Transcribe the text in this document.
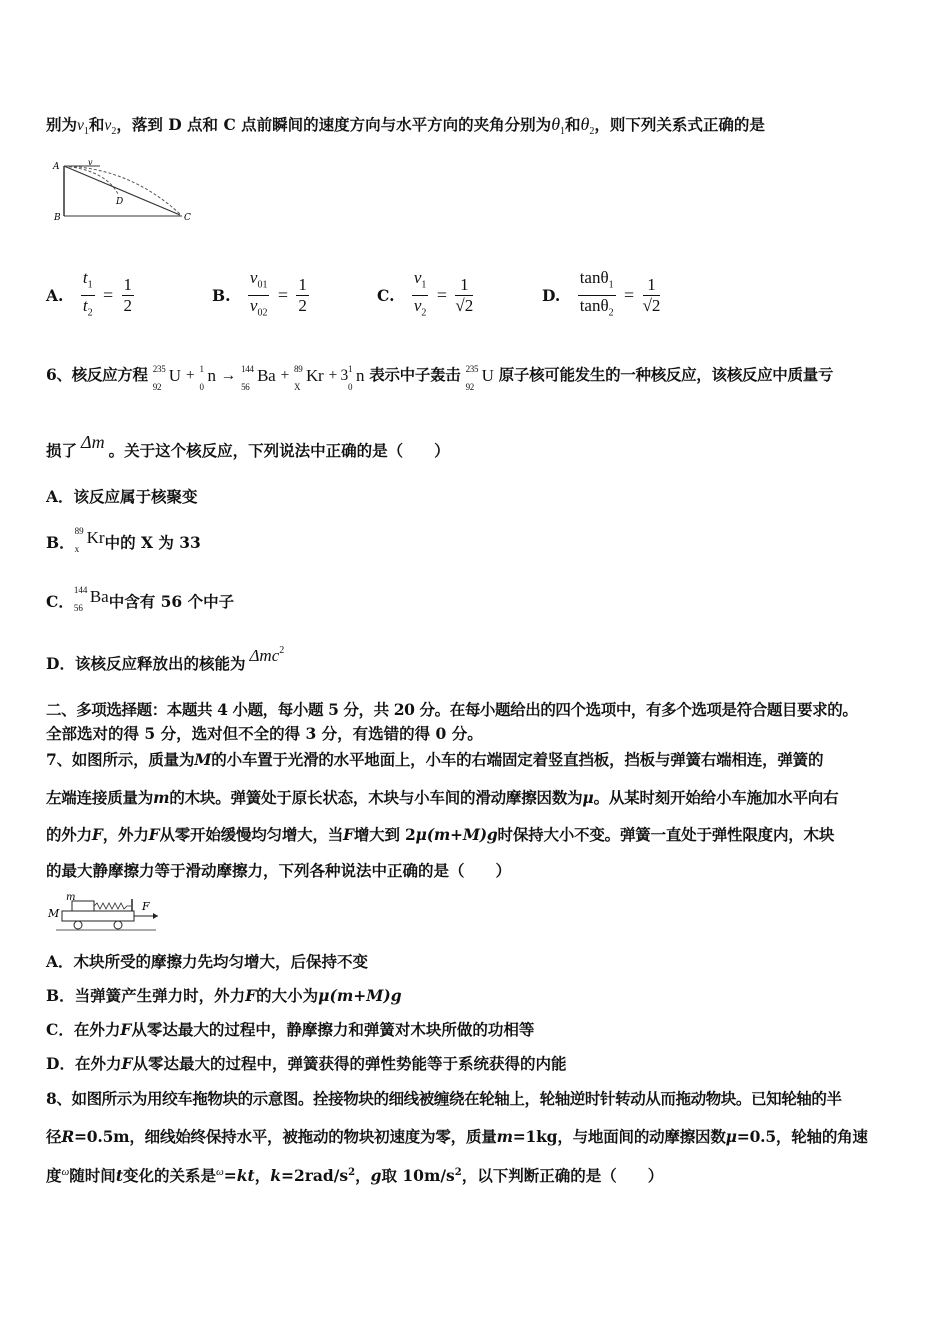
别为$v_1$和$v_2$，落到 D 点和 C 点前瞬间的速度方向与水平方向的夹角分别为$\theta_1$和$\theta_2$，则下列关系式正确的是
A	v
B
D
C
A. $\frac{t_1}{t_2} = \frac{1}{2}$	B. $\frac{v_{01}}{v_{02}} = \frac{1}{2}$	C. $\frac{v_1}{v_2} = \frac{1}{√2}$	D. $\frac{\tan\theta_1}{\tan\theta_2} = \frac{1}{√2}$
6、核反应方程 235
92
U + 1
0
n → 144
56
Ba + 89
X
Kr + 3 1
0
n 表示中子轰击 235
92
U 原子核可能发生的一种核反应，该核反应中质量亏
损了 Δm 。关于这个核反应，下列说法中正确的是（　　）
A．该反应属于核聚变
B．
89
x
Kr中的 X 为 33
C．
144
56
Ba中含有 56 个中子
D．该核反应释放出的核能为 Δmc$^2$
二、多项选择题：本题共 4 小题，每小题 5 分，共 20 分。在每小题给出的四个选项中，有多个选项是符合题目要求的。
全部选对的得 5 分，选对但不全的得 3 分，有选错的得 0 分。
7、如图所示，质量为M的小车置于光滑的水平地面上，小车的右端固定着竖直挡板，挡板与弹簧右端相连，弹簧的
左端连接质量为m的木块。弹簧处于原长状态，木块与小车间的滑动摩擦因数为μ。从某时刻开始给小车施加水平向右
的外力F，外力F从零开始缓慢均匀增大，当F增大到 2μ(m+M)g时保持大小不变。弹簧一直处于弹性限度内，木块
的最大静摩擦力等于滑动摩擦力，下列各种说法中正确的是（　　）
M
m
F
A．木块所受的摩擦力先均匀增大，后保持不变
B．当弹簧产生弹力时，外力F的大小为μ(m+M)g
C．在外力F从零达最大的过程中，静摩擦力和弹簧对木块所做的功相等
D．在外力F从零达最大的过程中，弹簧获得的弹性势能等于系统获得的内能
8、如图所示为用绞车拖物块的示意图。拴接物块的细线被缠绕在轮轴上，轮轴逆时针转动从而拖动物块。已知轮轴的半
径R=0.5m，细线始终保持水平，被拖动的物块初速度为零，质量m=1kg，与地面间的动摩擦因数μ=0.5，轮轴的角速
度$^\omega$随时间t变化的关系是$^\omega$=kt，$k=2rad/s^2$，g取 $10m/s^2$，以下判断正确的是（　　）
